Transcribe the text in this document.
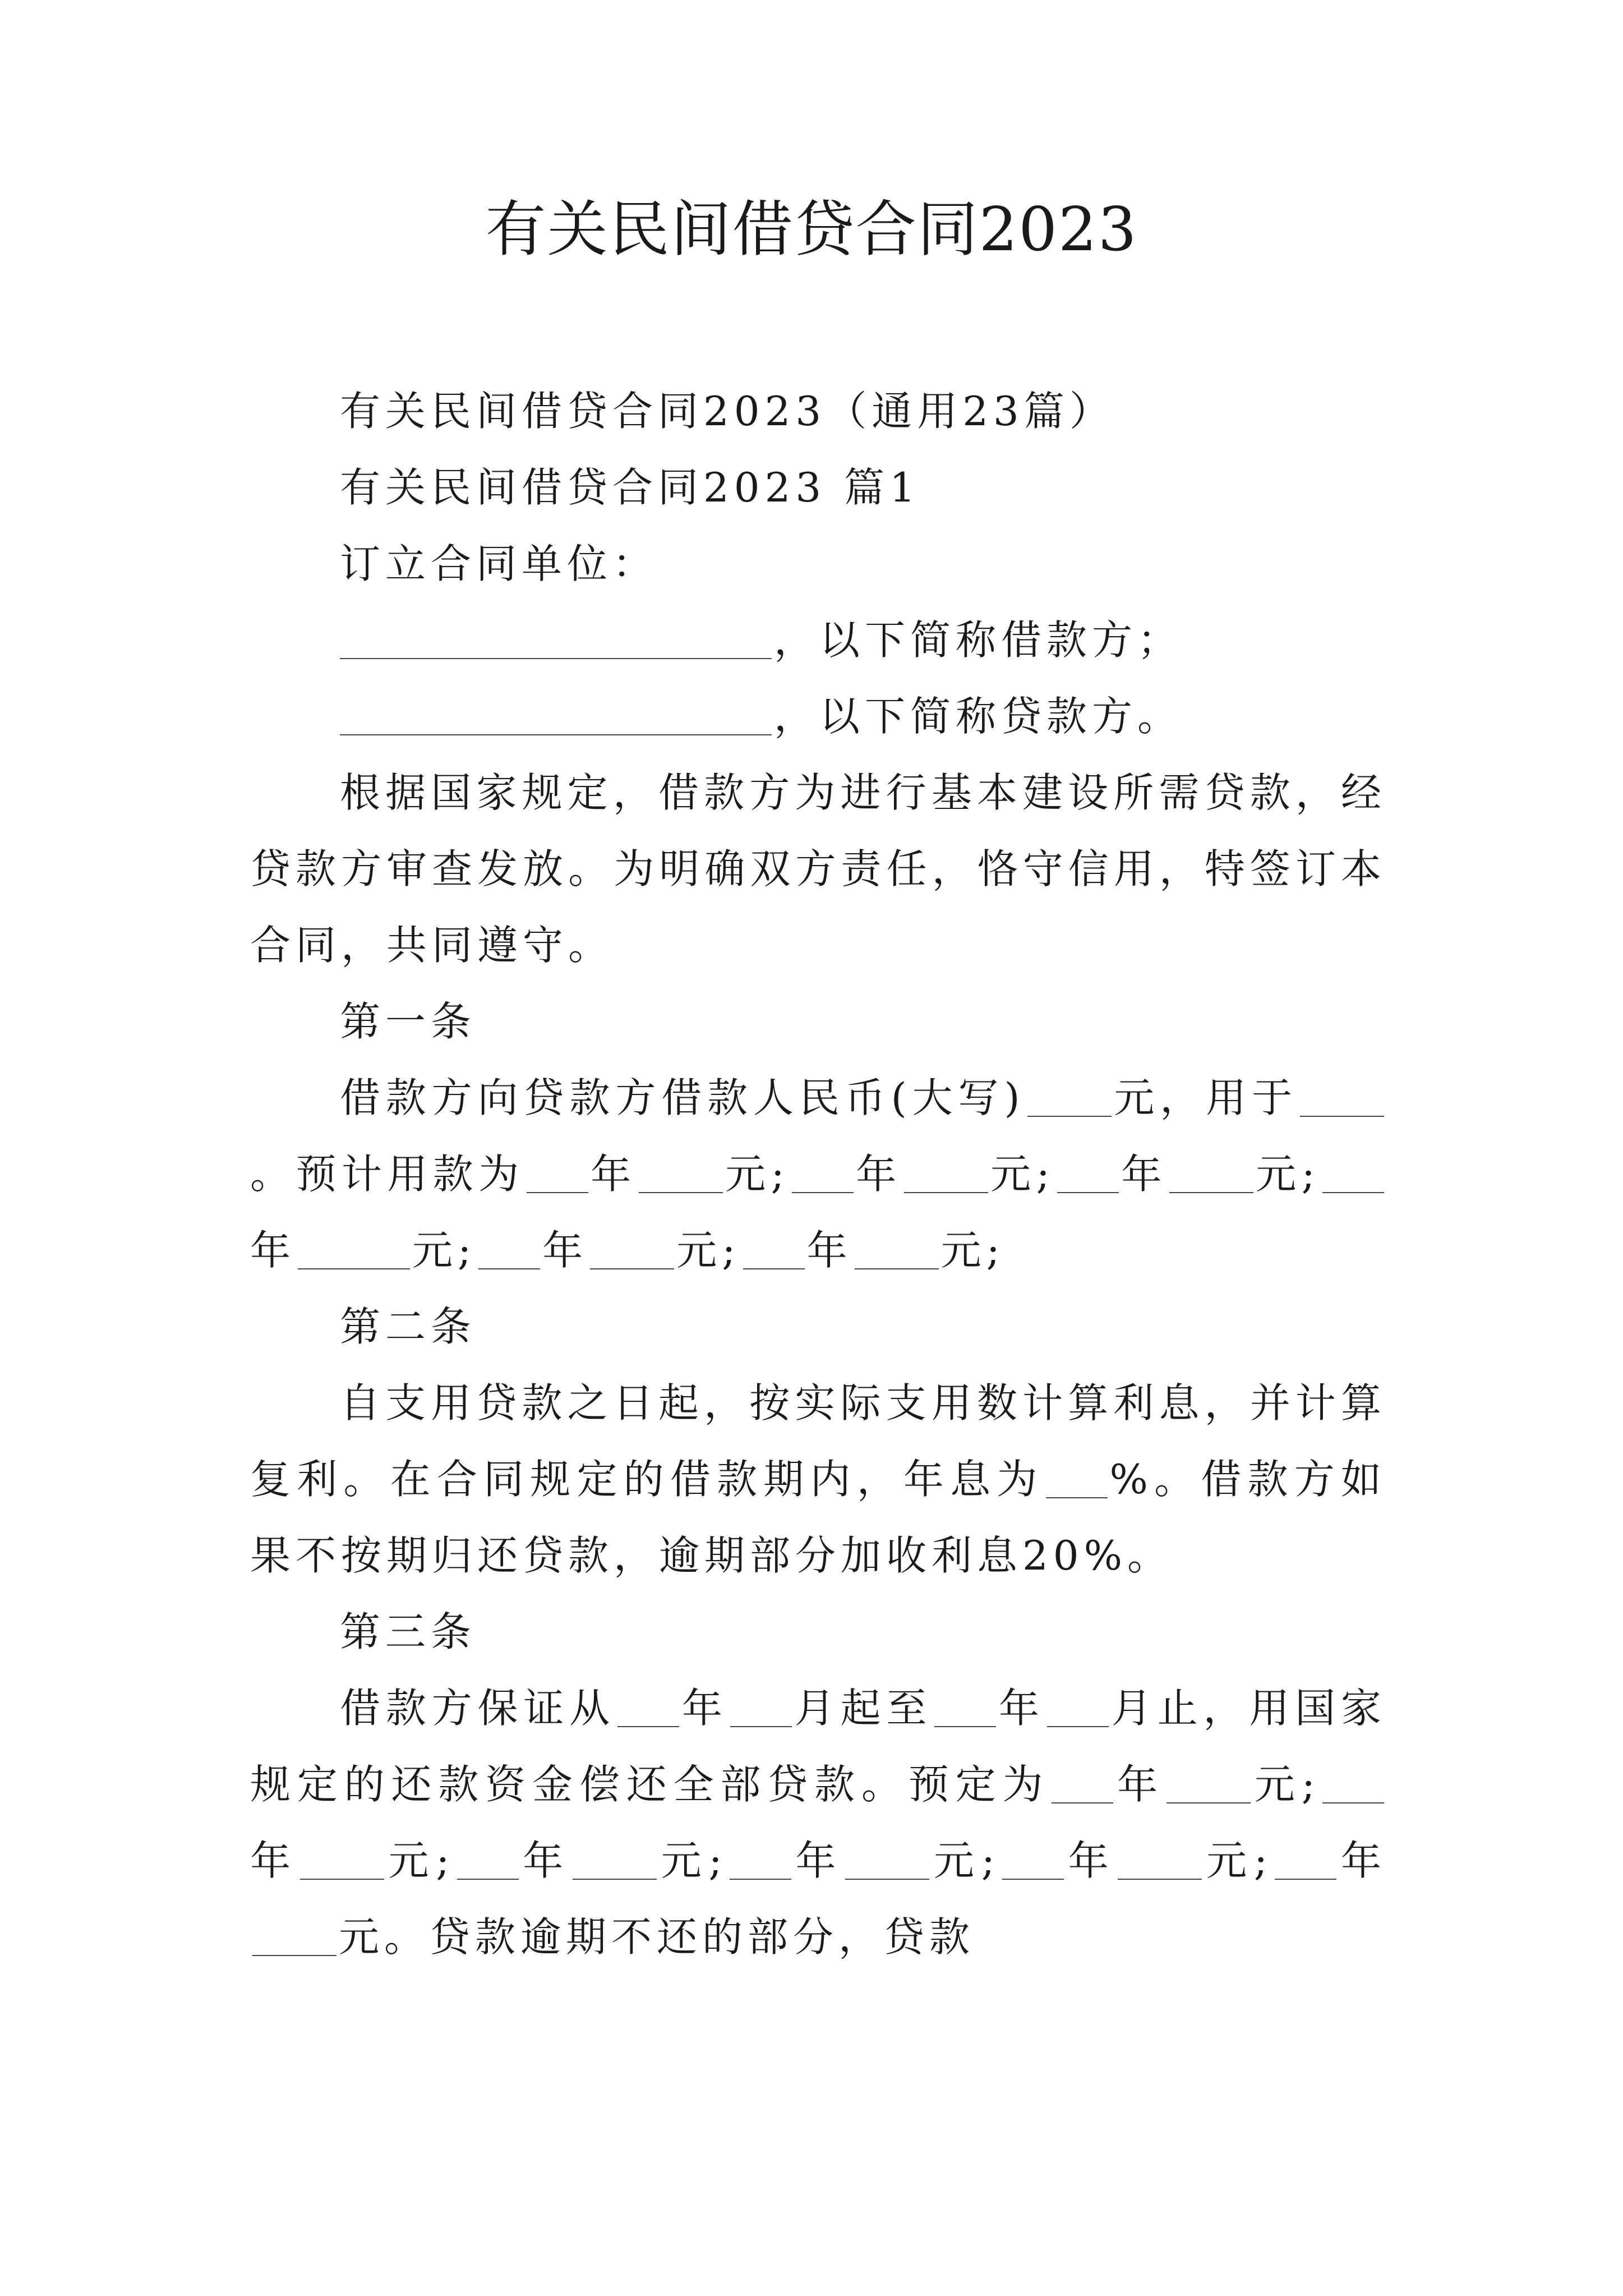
有关民间借贷合同2023

有关民间借贷合同2023（通用23篇）

有关民间借贷合同2023 篇1

订立合同单位：

，以下简称借款方；

，以下简称贷款方。

根据国家规定，借款方为进行基本建设所需贷款，经贷款方审查发放。为明确双方责任，恪守信用，特签订本合同，共同遵守。

第一条

借款方向贷款方借款人民币(大写) 元，用于。预计用款为 年 元; 年 元; 年 元;年	元; 年 元; 年 元;

第二条

自支用贷款之日起，按实际支用数计算利息，并计算复利。在合同规定的借款期内，年息为 %。借款方如果不按期归还贷款，逾期部分加收利息20%。

第三条

借款方保证从 年 月起至 年 月止，用国家规定的还款资金偿还全部贷款。预定为 年 元;年 元; 年 元; 年 元; 年 元; 年元。贷款逾期不还的部分，贷款
